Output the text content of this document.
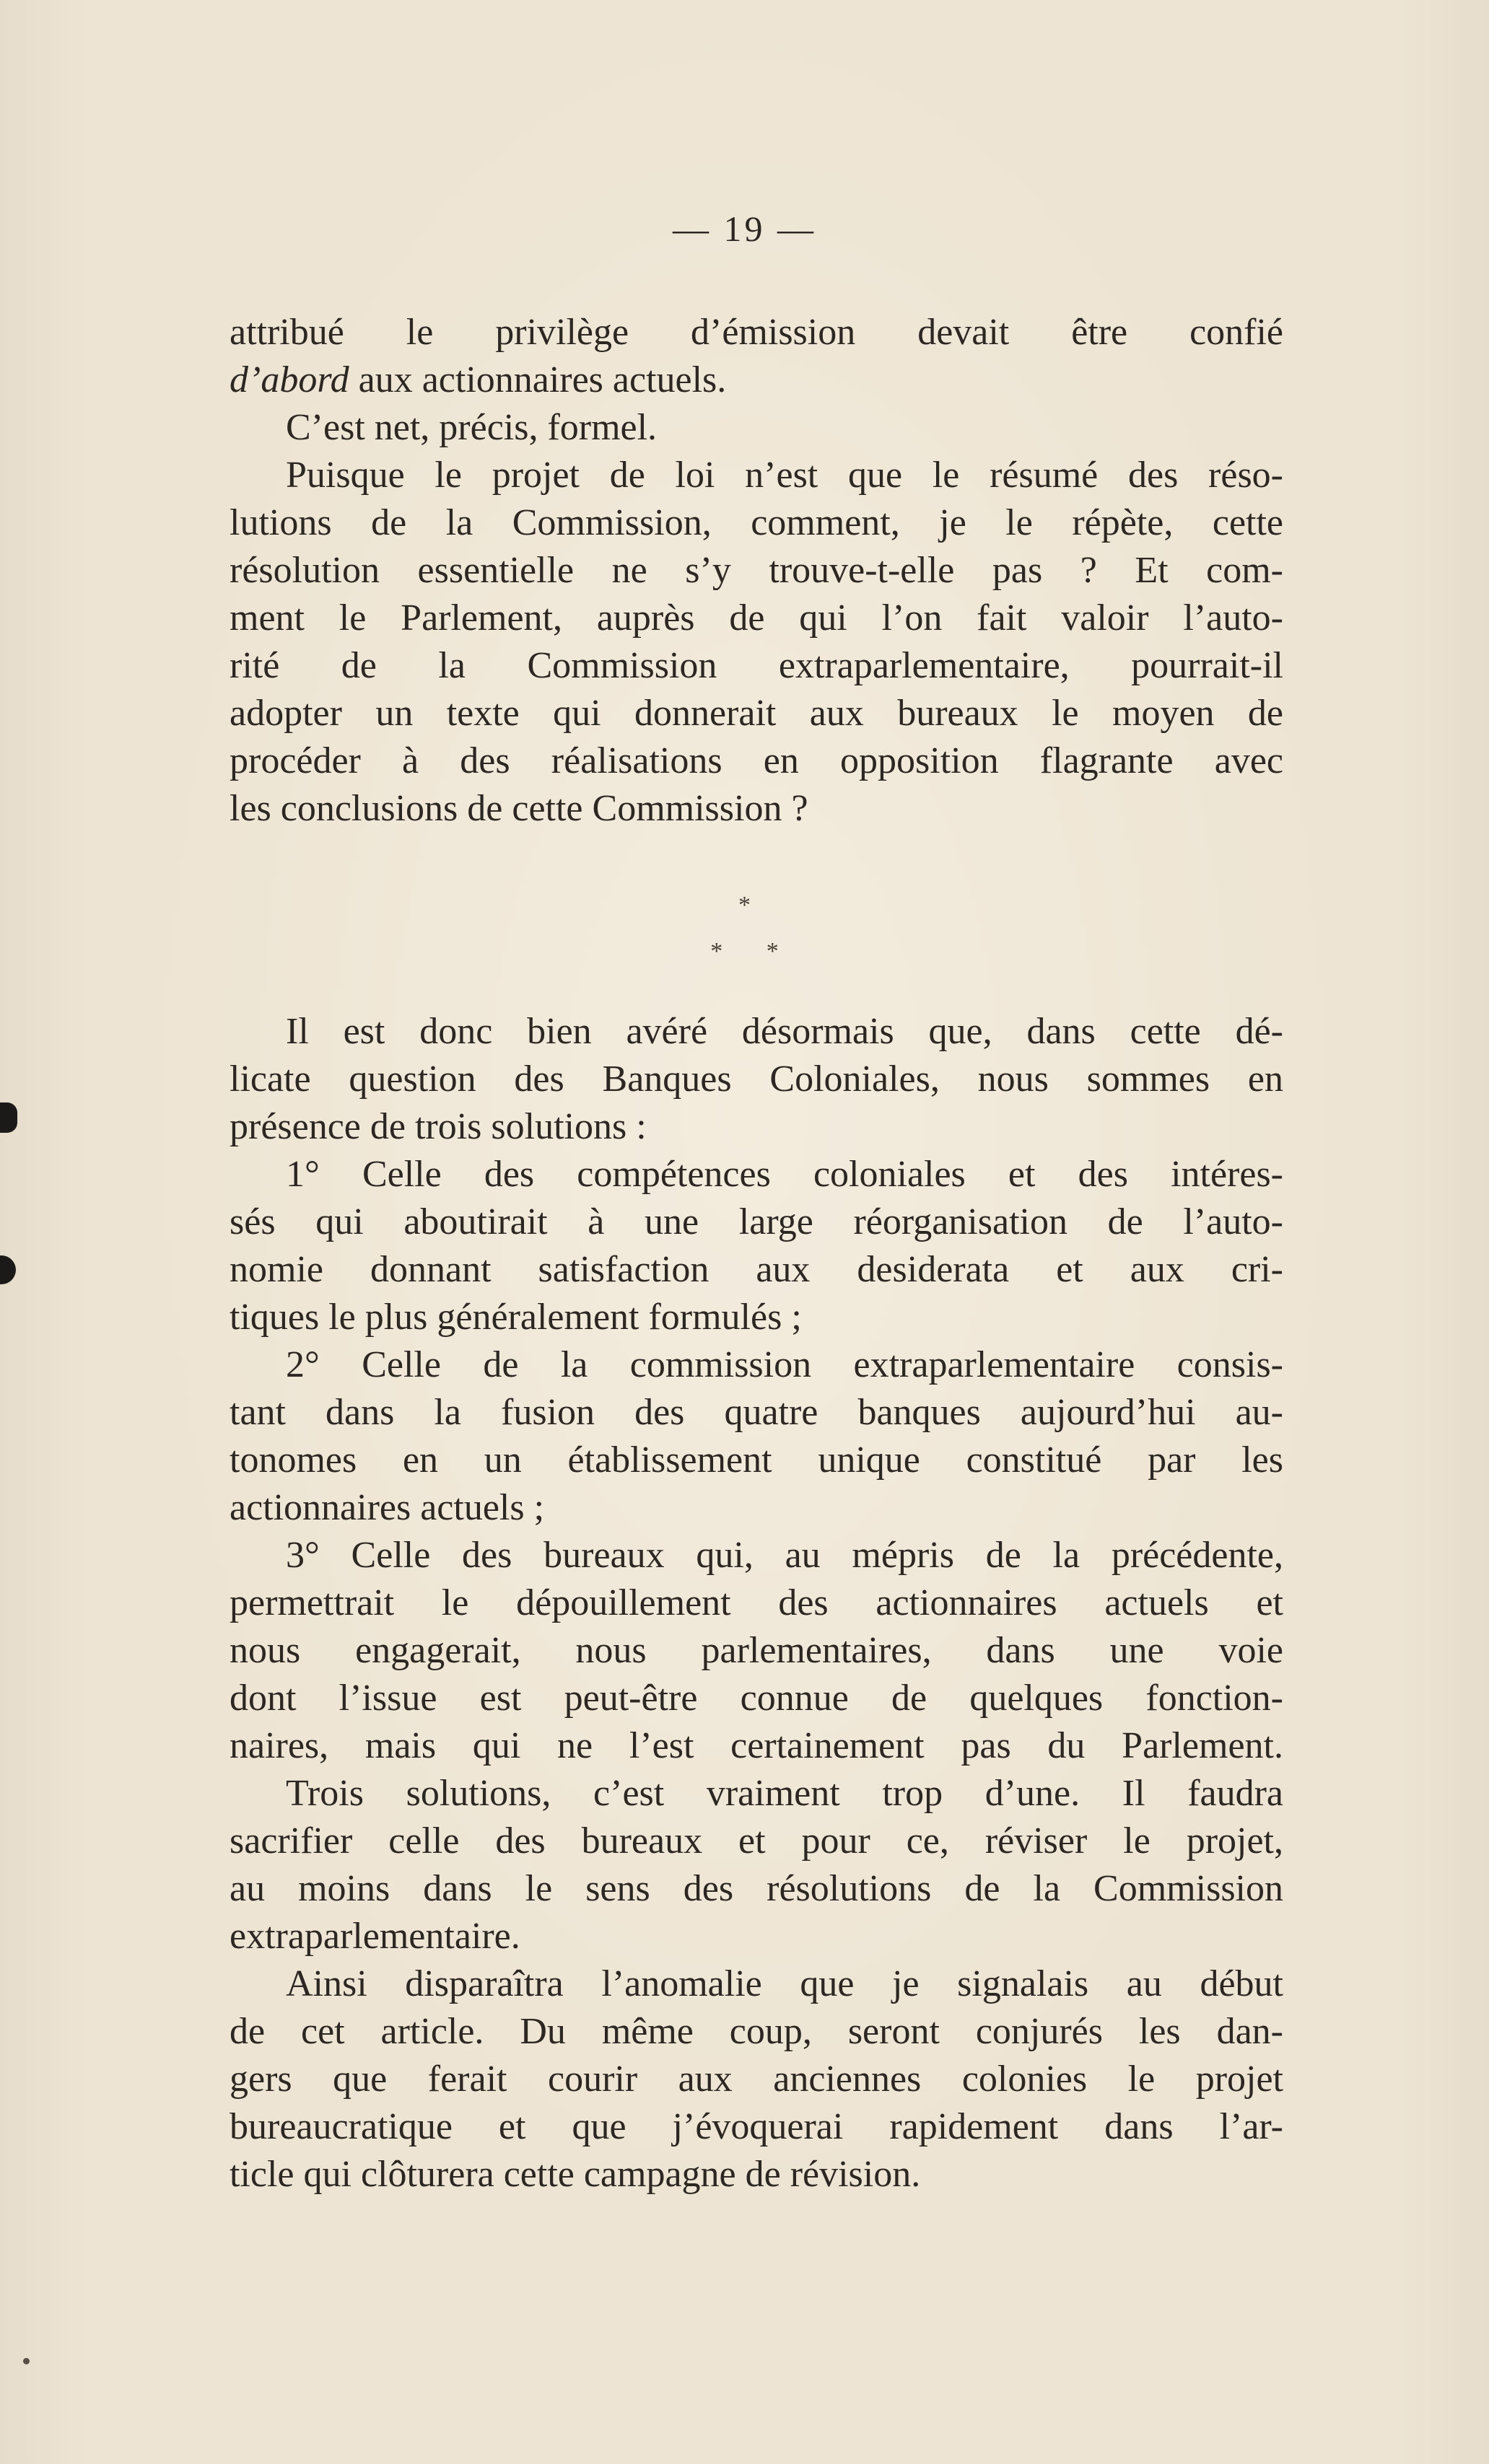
— 19 —
attribué le privilège d’émission devait être confié
d’abord aux actionnaires actuels.
C’est net, précis, formel.
Puisque le projet de loi n’est que le résumé des réso-
lutions de la Commission, comment, je le répète, cette
résolution essentielle ne s’y trouve-t-elle pas ? Et com-
ment le Parlement, auprès de qui l’on fait valoir l’auto-
rité de la Commission extraparlementaire, pourrait-il
adopter un texte qui donnerait aux bureaux le moyen de
procéder à des réalisations en opposition flagrante avec
les conclusions de cette Commission ?
*
* *
Il est donc bien avéré désormais que, dans cette dé-
licate question des Banques Coloniales, nous sommes en
présence de trois solutions :
1° Celle des compétences coloniales et des intéres-
sés qui aboutirait à une large réorganisation de l’auto-
nomie donnant satisfaction aux desiderata et aux cri-
tiques le plus généralement formulés ;
2° Celle de la commission extraparlementaire consis-
tant dans la fusion des quatre banques aujourd’hui au-
tonomes en un établissement unique constitué par les
actionnaires actuels ;
3° Celle des bureaux qui, au mépris de la précédente,
permettrait le dépouillement des actionnaires actuels et
nous engagerait, nous parlementaires, dans une voie
dont l’issue est peut-être connue de quelques fonction-
naires, mais qui ne l’est certainement pas du Parlement.
Trois solutions, c’est vraiment trop d’une. Il faudra
sacrifier celle des bureaux et pour ce, réviser le projet,
au moins dans le sens des résolutions de la Commission
extraparlementaire.
Ainsi disparaîtra l’anomalie que je signalais au début
de cet article. Du même coup, seront conjurés les dan-
gers que ferait courir aux anciennes colonies le projet
bureaucratique et que j’évoquerai rapidement dans l’ar-
ticle qui clôturera cette campagne de révision.
